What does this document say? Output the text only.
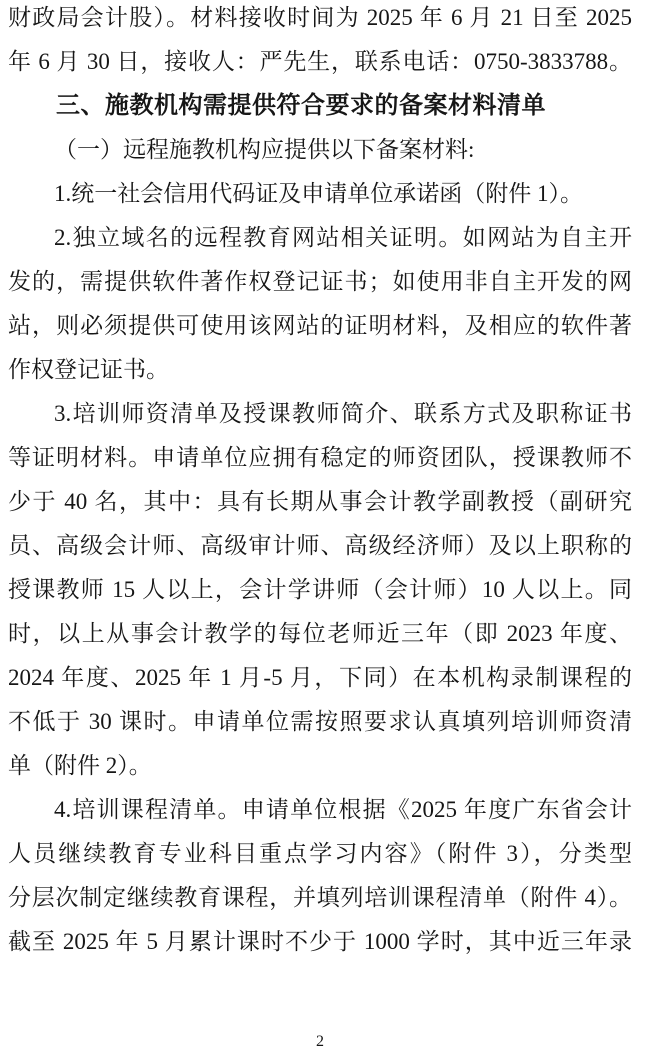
财政局会计股）。材料接收时间为 2025 年 6 月 21 日至 2025
年 6 月 30 日，接收人：严先生，联系电话：0750-3833788。
三、施教机构需提供符合要求的备案材料清单
（一）远程施教机构应提供以下备案材料:
1.统一社会信用代码证及申请单位承诺函（附件 1）。
2.独立域名的远程教育网站相关证明。如网站为自主开
发的，需提供软件著作权登记证书；如使用非自主开发的网
站，则必须提供可使用该网站的证明材料，及相应的软件著
作权登记证书。
3.培训师资清单及授课教师简介、联系方式及职称证书
等证明材料。申请单位应拥有稳定的师资团队，授课教师不
少于 40 名，其中：具有长期从事会计教学副教授（副研究
员、高级会计师、高级审计师、高级经济师）及以上职称的
授课教师 15 人以上，会计学讲师（会计师）10 人以上。同
时，以上从事会计教学的每位老师近三年（即 2023 年度、
2024 年度、2025 年 1 月-5 月，下同）在本机构录制课程的
不低于 30 课时。申请单位需按照要求认真填列培训师资清
单（附件 2）。
4.培训课程清单。申请单位根据《2025 年度广东省会计
人员继续教育专业科目重点学习内容》（附件 3），分类型
分层次制定继续教育课程，并填列培训课程清单（附件 4）。
截至 2025 年 5 月累计课时不少于 1000 学时，其中近三年录
2
